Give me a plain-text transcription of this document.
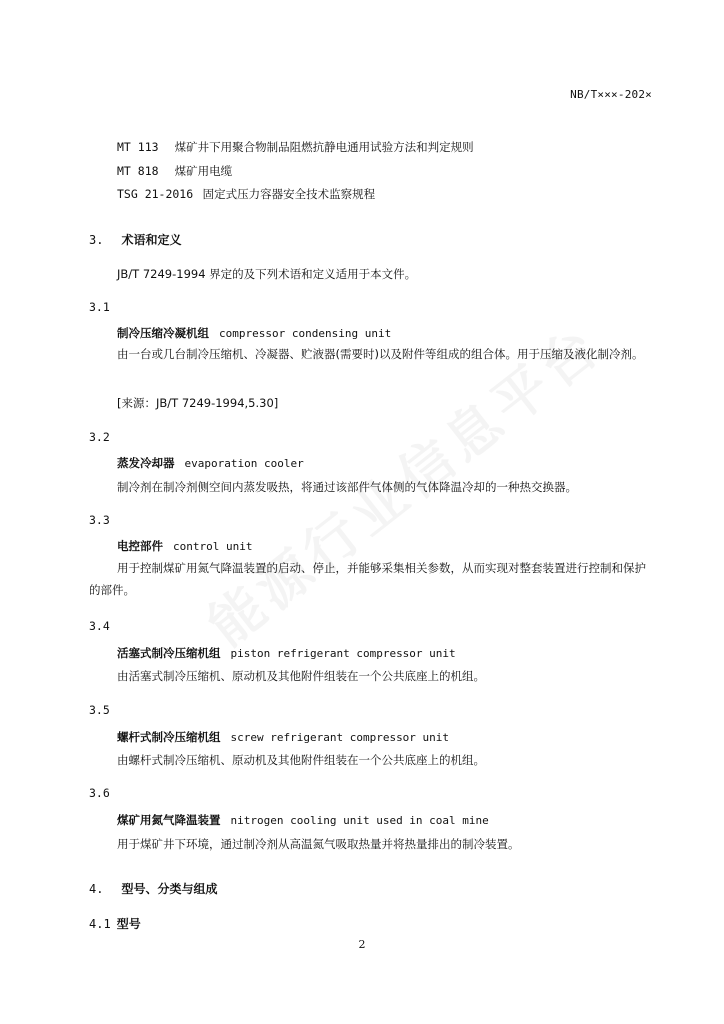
NB/T×××-202×
MT 113 煤矿井下用聚合物制品阻燃抗静电通用试验方法和判定规则
MT 818 煤矿用电缆
TSG 21-2016 固定式压力容器安全技术监察规程
3. 术语和定义
JB/T 7249-1994 界定的及下列术语和定义适用于本文件。
3.1
制冷压缩冷凝机组 compressor condensing unit
由一台或几台制冷压缩机、冷凝器、贮液器(需要时)以及附件等组成的组合体。用于压缩及液化制冷剂。
[来源：JB/T 7249-1994,5.30]
3.2
蒸发冷却器 evaporation cooler
制冷剂在制冷剂侧空间内蒸发吸热，将通过该部件气体侧的气体降温冷却的一种热交换器。
3.3
电控部件 control unit
用于控制煤矿用氮气降温装置的启动、停止，并能够采集相关参数，从而实现对整套装置进行控制和保护的部件。
3.4
活塞式制冷压缩机组 piston refrigerant compressor unit
由活塞式制冷压缩机、原动机及其他附件组装在一个公共底座上的机组。
3.5
螺杆式制冷压缩机组 screw refrigerant compressor unit
由螺杆式制冷压缩机、原动机及其他附件组装在一个公共底座上的机组。
3.6
煤矿用氮气降温装置 nitrogen cooling unit used in coal mine
用于煤矿井下环境，通过制冷剂从高温氮气吸取热量并将热量排出的制冷装置。
4. 型号、分类与组成
4.1 型号
2
